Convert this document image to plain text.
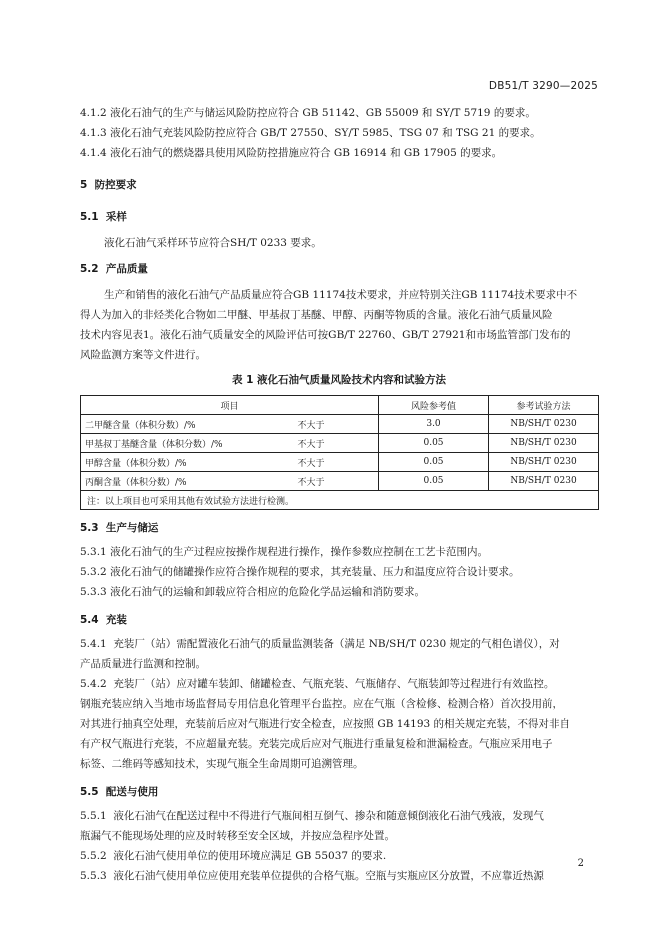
DB51/T 3290—2025
4.1.2 液化石油气的生产与储运风险防控应符合 GB 51142、GB 55009 和 SY/T 5719 的要求。
4.1.3 液化石油气充装风险防控应符合 GB/T 27550、SY/T 5985、TSG 07 和 TSG 21 的要求。
4.1.4 液化石油气的燃烧器具使用风险防控措施应符合 GB 16914 和 GB 17905 的要求。
5 防控要求
5.1 采样
液化石油气采样环节应符合SH/T 0233 要求。
5.2 产品质量
生产和销售的液化石油气产品质量应符合GB 11174技术要求，并应特别关注GB 11174技术要求中不
得人为加入的非烃类化合物如二甲醚、甲基叔丁基醚、甲醇、丙酮等物质的含量。液化石油气质量风险
技术内容见表1。液化石油气质量安全的风险评估可按GB/T 22760、GB/T 27921和市场监管部门发布的
风险监测方案等文件进行。
表 1 液化石油气质量风险技术内容和试验方法
项目		风险参考值	参考试验方法
二甲醚含量（体积分数）/%	不大于	3.0	NB/SH/T 0230
甲基叔丁基醚含量（体积分数）/%	不大于	0.05	NB/SH/T 0230
甲醇含量（体积分数）/%	不大于	0.05	NB/SH/T 0230
丙酮含量（体积分数）/%	不大于	0.05	NB/SH/T 0230
注：以上项目也可采用其他有效试验方法进行检测。			
5.3 生产与储运
5.3.1 液化石油气的生产过程应按操作规程进行操作，操作参数应控制在工艺卡范围内。
5.3.2 液化石油气的储罐操作应符合操作规程的要求，其充装量、压力和温度应符合设计要求。
5.3.3 液化石油气的运输和卸载应符合相应的危险化学品运输和消防要求。
5.4 充装
5.4.1 充装厂（站）需配置液化石油气的质量监测装备（满足 NB/SH/T 0230 规定的气相色谱仪），对
产品质量进行监测和控制。
5.4.2 充装厂（站）应对罐车装卸、储罐检查、气瓶充装、气瓶储存、气瓶装卸等过程进行有效监控。
钢瓶充装应纳入当地市场监督局专用信息化管理平台监控。应在气瓶（含检修、检测合格）首次投用前，
对其进行抽真空处理，充装前后应对气瓶进行安全检查，应按照 GB 14193 的相关规定充装，不得对非自
有产权气瓶进行充装，不应超量充装。充装完成后应对气瓶进行重量复检和泄漏检查。气瓶应采用电子
标签、二维码等感知技术，实现气瓶全生命周期可追溯管理。
5.5 配送与使用
5.5.1 液化石油气在配送过程中不得进行气瓶间相互倒气、掺杂和随意倾倒液化石油气残液，发现气
瓶漏气不能现场处理的应及时转移至安全区域，并按应急程序处置。
5.5.2 液化石油气使用单位的使用环境应满足 GB 55037 的要求.
5.5.3 液化石油气使用单位应使用充装单位提供的合格气瓶。空瓶与实瓶应区分放置，不应靠近热源
2
